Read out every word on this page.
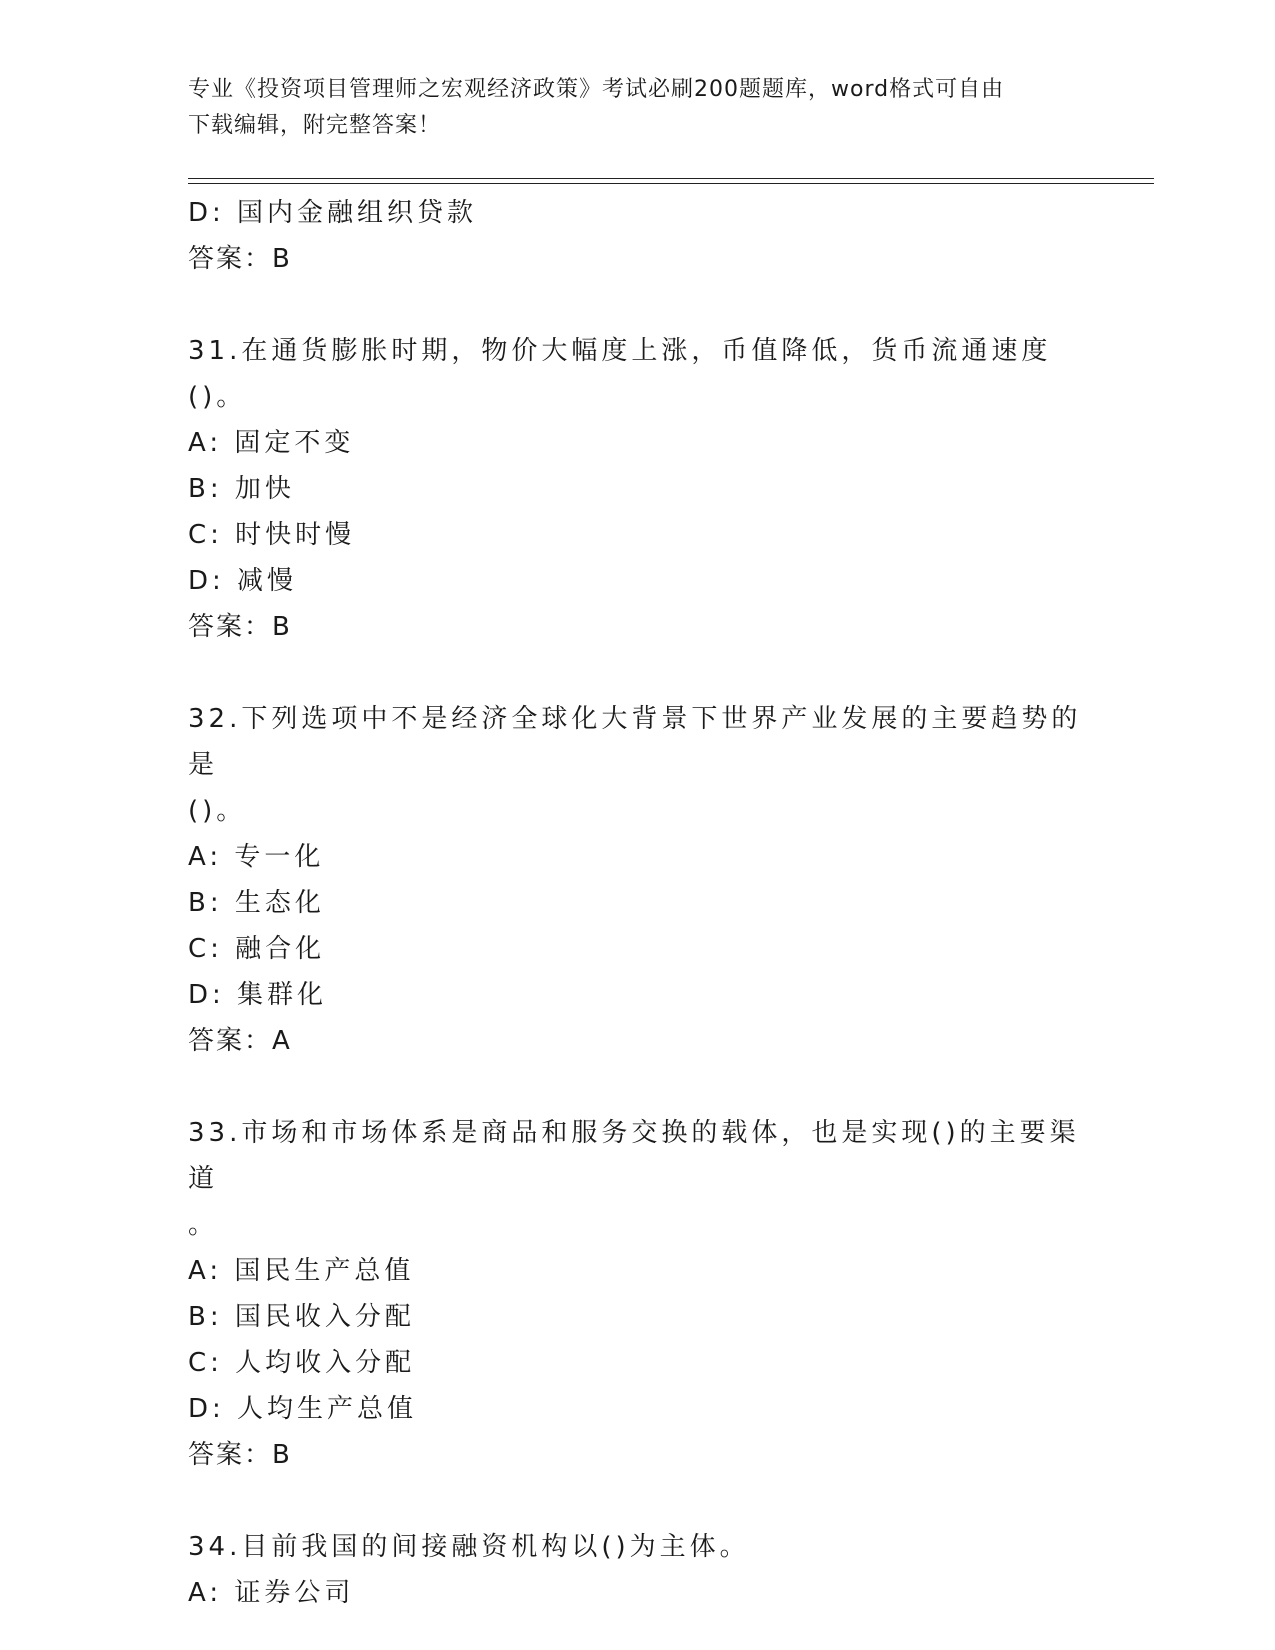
专业《投资项目管理师之宏观经济政策》考试必刷200题题库，word格式可自由
下载编辑，附完整答案！
D: 国内金融组织贷款
答案：B
31.在通货膨胀时期，物价大幅度上涨，币值降低，货币流通速度()。
A: 固定不变
B: 加快
C: 时快时慢
D: 减慢
答案：B
32.下列选项中不是经济全球化大背景下世界产业发展的主要趋势的是
()。
A: 专一化
B: 生态化
C: 融合化
D: 集群化
答案：A
33.市场和市场体系是商品和服务交换的载体，也是实现()的主要渠道
。
A: 国民生产总值
B: 国民收入分配
C: 人均收入分配
D: 人均生产总值
答案：B
34.目前我国的间接融资机构以()为主体。
A: 证券公司
